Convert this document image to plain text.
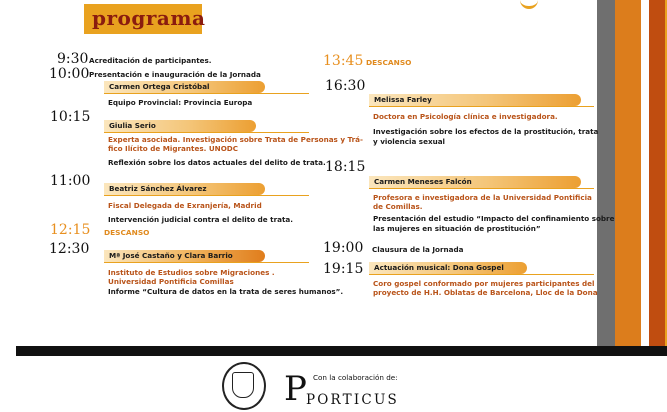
programa
9:30 Acreditación de participantes.
10:00 Presentación e inauguración de la Jornada
Carmen Ortega Cristóbal
Equipo Provincial: Provincia Europa
10:15
Giulia Serio
Experta asociada. Investigación sobre Trata de Personas y Trá-
fico Ilícito de Migrantes. UNODC
Reflexión sobre los datos actuales del delito de trata.
11:00	Beatriz Sánchez Álvarez
Fiscal Delegada de Exranjería, Madrid
Intervención judicial contra el delito de trata.
12:15 DESCANSO
12:30	Mª José Castaño y Clara Barrio
Instituto de Estudios sobre Migraciones .
Universidad Pontificia Comillas
Informe “Cultura de datos en la trata de seres humanos”.
13:45 DESCANSO
16:30
Melissa Farley
Doctora en Psicología clínica e investigadora.
Investigación sobre los efectos de la prostitución, trata
y violencia sexual
18:15
Carmen Meneses Falcón
Profesora e investigadora de la Universidad Pontificia
de Comillas.
Presentación del estudio “Impacto del confinamiento sobre
las mujeres en situación de prostitución”
19:00 Clausura de la Jornada
19:15	Actuación musical: Dona Gospel
Coro gospel conformado por mujeres participantes del
proyecto de H.H. Oblatas de Barcelona, Lloc de la Dona
Con la colaboración de:
P PORTICUS
